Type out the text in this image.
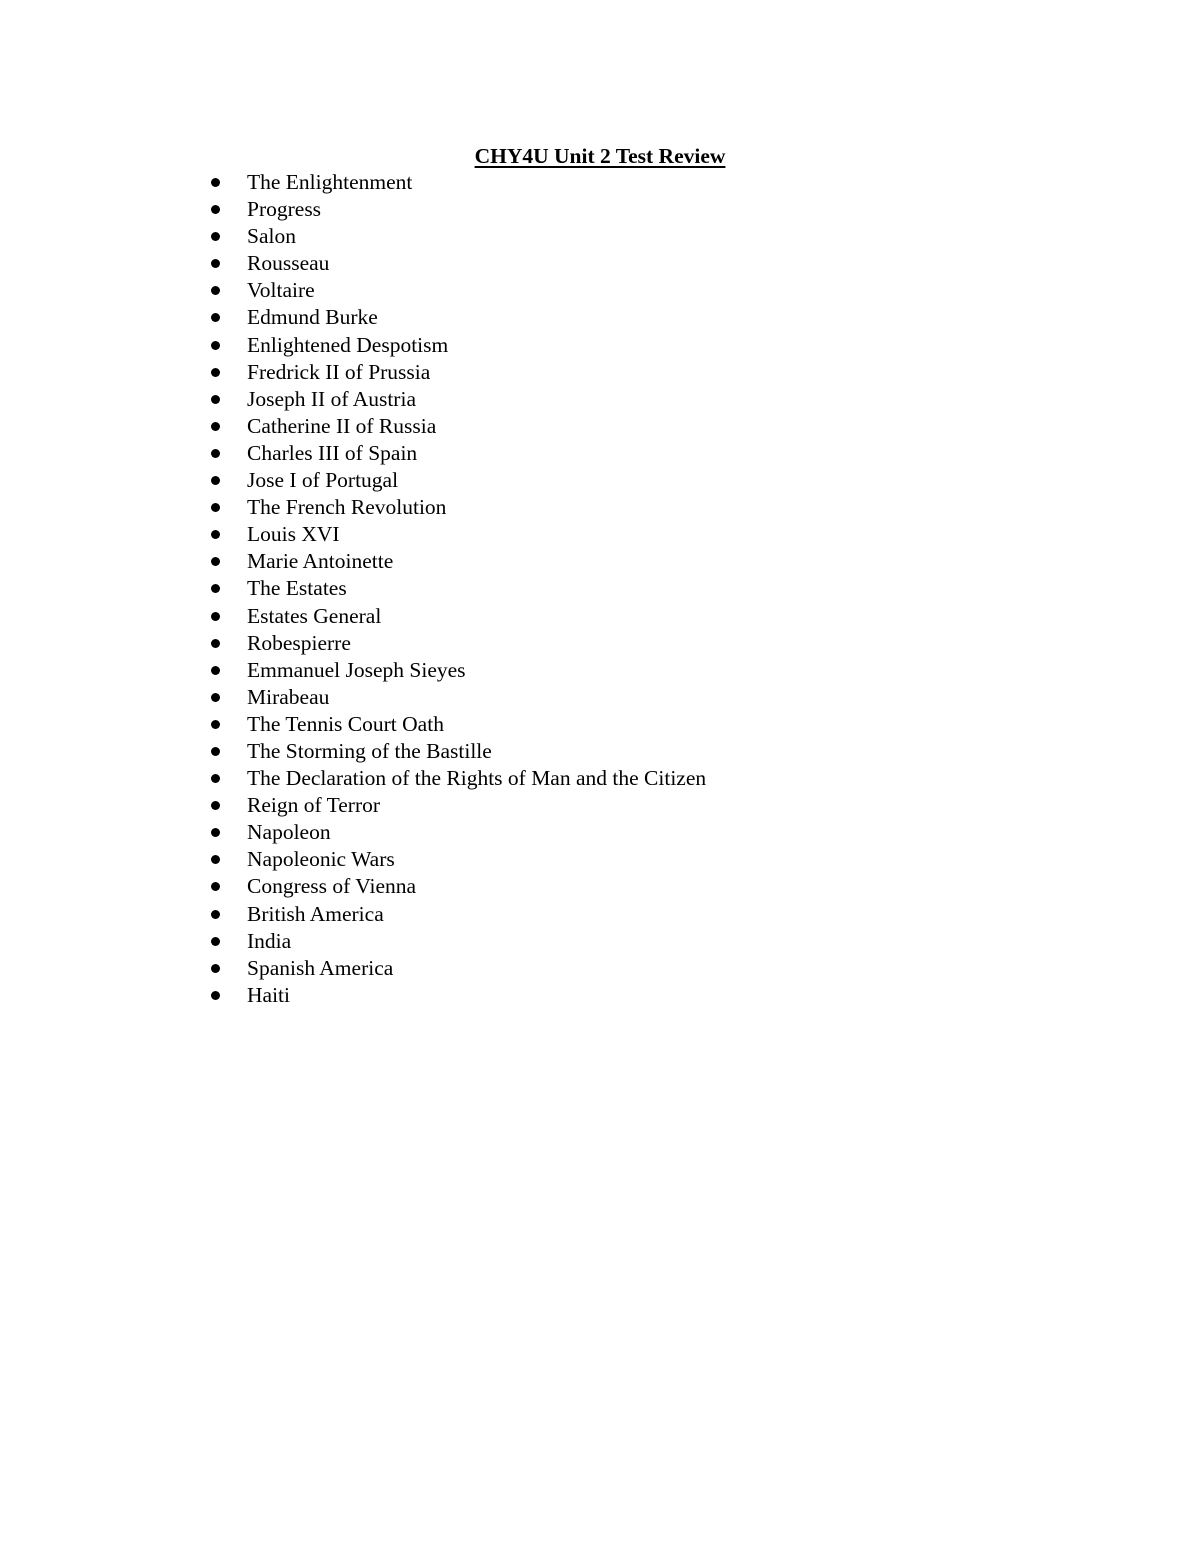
CHY4U Unit 2 Test Review
The Enlightenment
Progress
Salon
Rousseau
Voltaire
Edmund Burke
Enlightened Despotism
Fredrick II of Prussia
Joseph II of Austria
Catherine II of Russia
Charles III of Spain
Jose I of Portugal
The French Revolution
Louis XVI
Marie Antoinette
The Estates
Estates General
Robespierre
Emmanuel Joseph Sieyes
Mirabeau
The Tennis Court Oath
The Storming of the Bastille
The Declaration of the Rights of Man and the Citizen
Reign of Terror
Napoleon
Napoleonic Wars
Congress of Vienna
British America
India
Spanish America
Haiti
